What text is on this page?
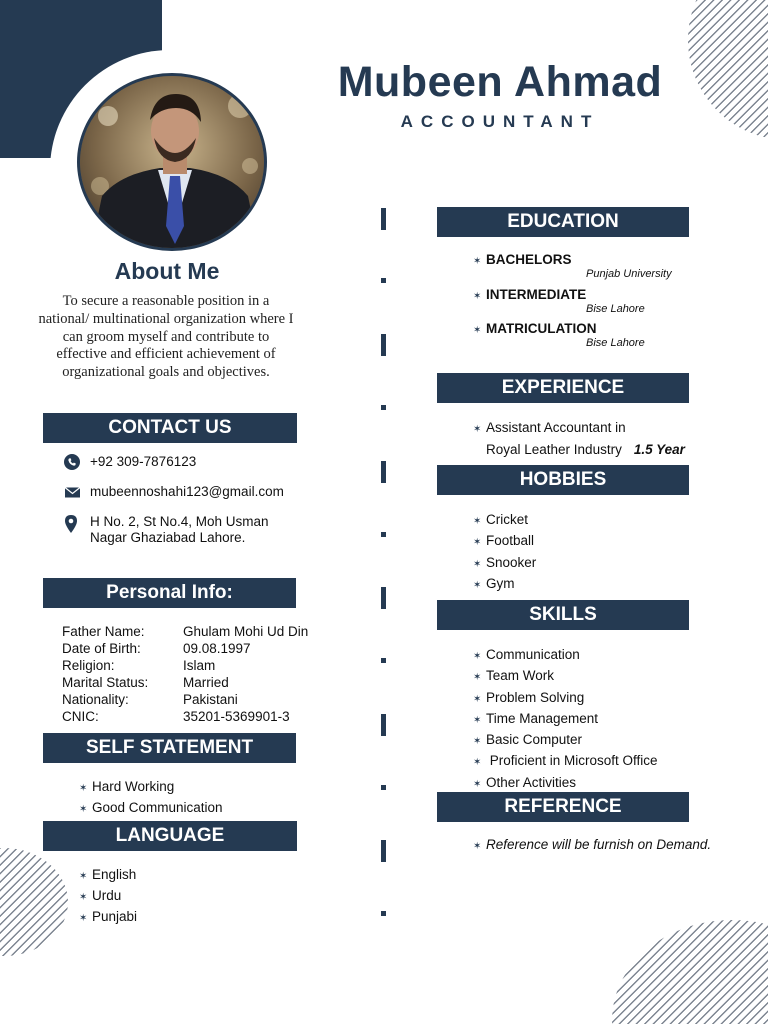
Mubeen Ahmad
ACCOUNTANT
About Me
To secure a reasonable position in a national/ multinational organization where I can groom myself and contribute to effective and efficient achievement of organizational goals and objectives.
CONTACT US
+92 309-7876123
mubeennoshahi123@gmail.com
H No. 2, St No.4, Moh Usman
Nagar Ghaziabad Lahore.
Personal Info:
Father Name:	Ghulam Mohi Ud Din
Date of Birth:	09.08.1997
Religion:	Islam
Marital Status:	Married
Nationality:	Pakistani
CNIC:	35201-5369901-3
SELF STATEMENT
✶ Hard Working
✶ Good Communication
LANGUAGE
✶ English
✶ Urdu
✶ Punjabi
EDUCATION
✶ BACHELORS
Punjab University
✶ INTERMEDIATE
Bise Lahore
✶ MATRICULATION
Bise Lahore
EXPERIENCE
✶ Assistant Accountant in
Royal Leather Industry 1.5 Year
HOBBIES
✶ Cricket
✶ Football
✶ Snooker
✶ Gym
SKILLS
✶ Communication
✶ Team Work
✶ Problem Solving
✶ Time Management
✶ Basic Computer
✶ Proficient in Microsoft Office
✶ Other Activities
REFERENCE
✶ Reference will be furnish on Demand.
